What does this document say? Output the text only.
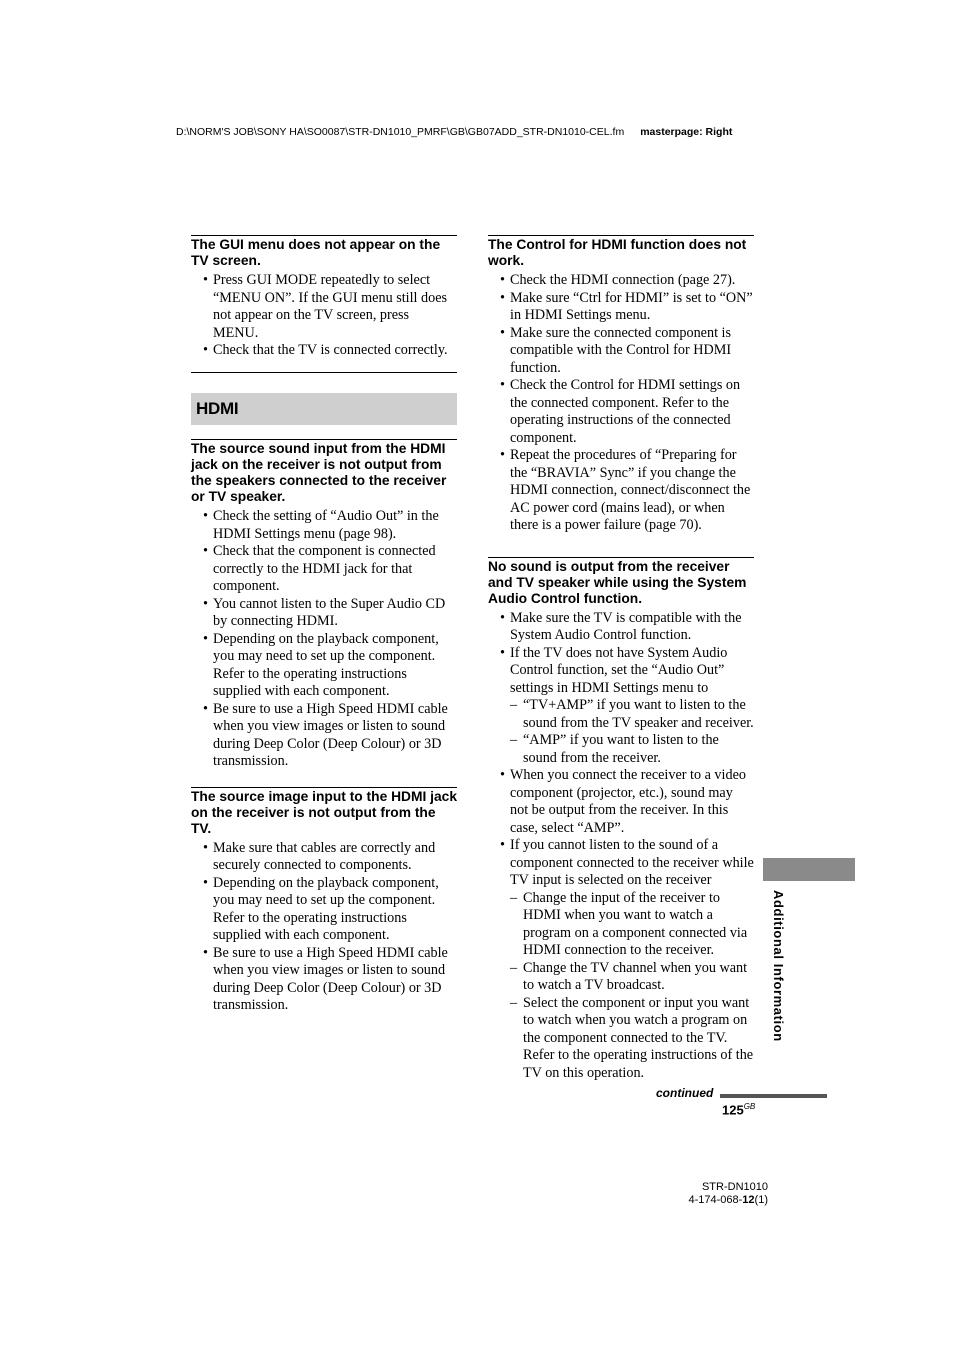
D:\NORM'S JOB\SONY HA\SO0087\STR-DN1010_PMRF\GB\GB07ADD_STR-DN1010-CEL.fm masterpage: Right
The GUI menu does not appear on the TV screen.
• Press GUI MODE repeatedly to select “MENU ON”. If the GUI menu still does not appear on the TV screen, press MENU.
• Check that the TV is connected correctly.
HDMI
The source sound input from the HDMI jack on the receiver is not output from the speakers connected to the receiver or TV speaker.
• Check the setting of “Audio Out” in the HDMI Settings menu (page 98).
• Check that the component is connected correctly to the HDMI jack for that component.
• You cannot listen to the Super Audio CD by connecting HDMI.
• Depending on the playback component, you may need to set up the component. Refer to the operating instructions supplied with each component.
• Be sure to use a High Speed HDMI cable when you view images or listen to sound during Deep Color (Deep Colour) or 3D transmission.
The source image input to the HDMI jack on the receiver is not output from the TV.
• Make sure that cables are correctly and securely connected to components.
• Depending on the playback component, you may need to set up the component. Refer to the operating instructions supplied with each component.
• Be sure to use a High Speed HDMI cable when you view images or listen to sound during Deep Color (Deep Colour) or 3D transmission.
The Control for HDMI function does not work.
• Check the HDMI connection (page 27).
• Make sure “Ctrl for HDMI” is set to “ON” in HDMI Settings menu.
• Make sure the connected component is compatible with the Control for HDMI function.
• Check the Control for HDMI settings on the connected component. Refer to the operating instructions of the connected component.
• Repeat the procedures of “Preparing for the “BRAVIA” Sync” if you change the HDMI connection, connect/disconnect the AC power cord (mains lead), or when there is a power failure (page 70).
No sound is output from the receiver and TV speaker while using the System Audio Control function.
• Make sure the TV is compatible with the System Audio Control function.
• If the TV does not have System Audio Control function, set the “Audio Out” settings in HDMI Settings menu to
– “TV+AMP” if you want to listen to the sound from the TV speaker and receiver.
– “AMP” if you want to listen to the sound from the receiver.
• When you connect the receiver to a video component (projector, etc.), sound may not be output from the receiver. In this case, select “AMP”.
• If you cannot listen to the sound of a component connected to the receiver while TV input is selected on the receiver
– Change the input of the receiver to HDMI when you want to watch a program on a component connected via HDMI connection to the receiver.
– Change the TV channel when you want to watch a TV broadcast.
– Select the component or input you want to watch when you watch a program on the component connected to the TV. Refer to the operating instructions of the TV on this operation.
Additional Information
continued
$125^{GB}$
STR-DN1010
4-174-068-12(1)
